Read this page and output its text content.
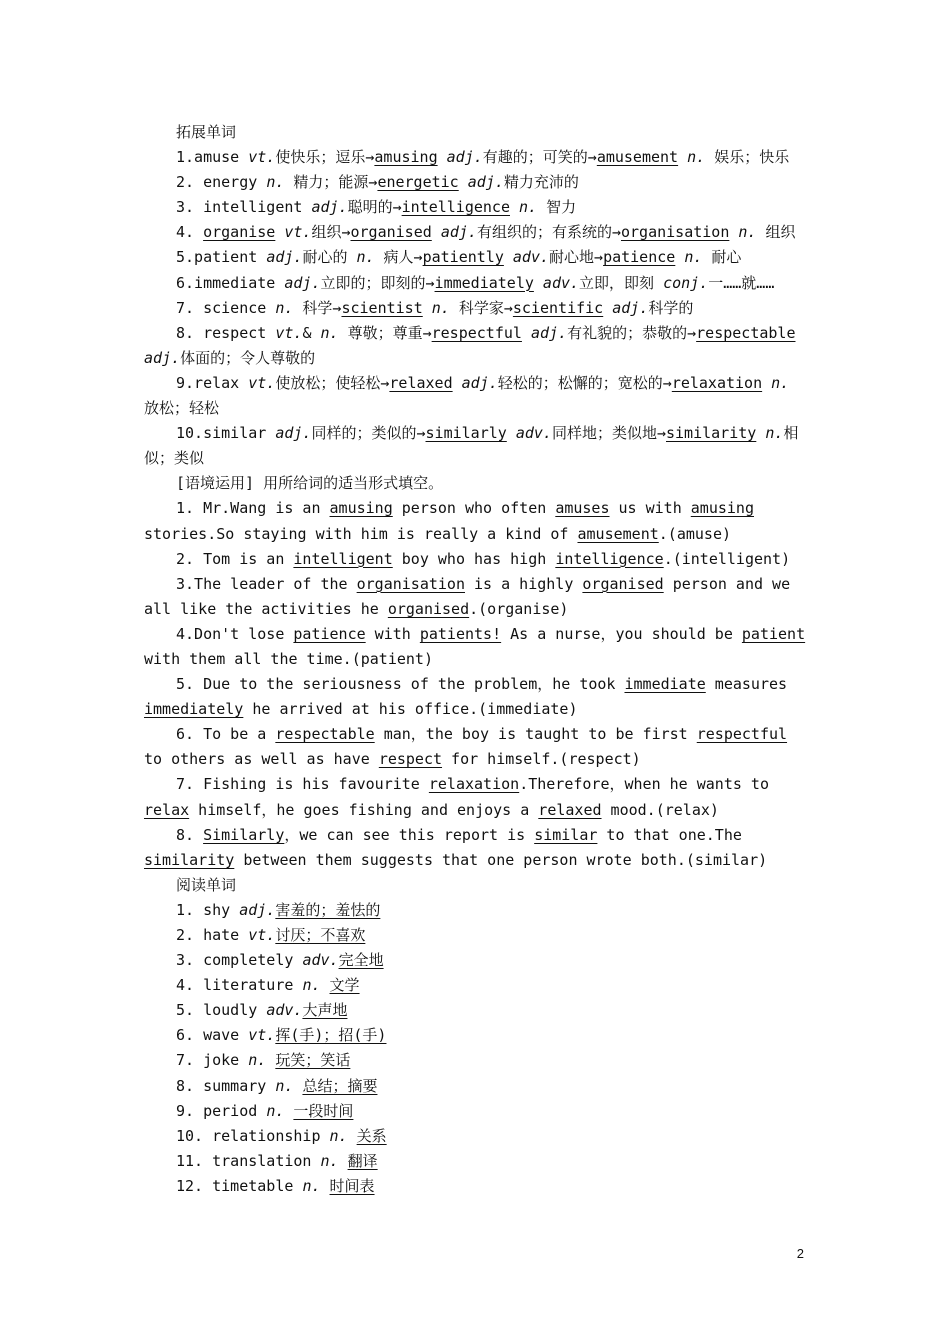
拓展单词

1.amuse vt.使快乐；逗乐→amusing adj.有趣的；可笑的→amusement n. 娱乐；快乐

2. energy n. 精力；能源→energetic adj.精力充沛的

3. intelligent adj.聪明的→intelligence n. 智力

4. organise vt.组织→organised adj.有组织的；有系统的→organisation n. 组织

5.patient adj.耐心的 n. 病人→patiently adv.耐心地→patience n. 耐心

6.immediate adj.立即的；即刻的→immediately adv.立即，即刻 conj.一……就……

7. science n. 科学→scientist n. 科学家→scientific adj.科学的

8. respect vt.& n. 尊敬；尊重→respectful adj.有礼貌的；恭敬的→respectable adj.体面的；令人尊敬的

9.relax vt.使放松；使轻松→relaxed adj.轻松的；松懈的；宽松的→relaxation n. 放松；轻松

10.similar adj.同样的；类似的→similarly adv.同样地；类似地→similarity n.相似；类似

[语境运用] 用所给词的适当形式填空。

1. Mr.Wang is an amusing person who often amuses us with amusing stories.So staying with him is really a kind of amusement.(amuse)

2. Tom is an intelligent boy who has high intelligence.(intelligent)

3.The leader of the organisation is a highly organised person and we all like the activities he organised.(organise)

4.Don't lose patience with patients! As a nurse，you should be patient with them all the time.(patient)

5. Due to the seriousness of the problem，he took immediate measures immediately he arrived at his office.(immediate)

6. To be a respectable man，the boy is taught to be first respectful to others as well as have respect for himself.(respect)

7. Fishing is his favourite relaxation.Therefore，when he wants to relax himself，he goes fishing and enjoys a relaxed mood.(relax)

8. Similarly，we can see this report is similar to that one.The similarity between them suggests that one person wrote both.(similar)

阅读单词

1. shy adj.害羞的；羞怯的

2. hate vt.讨厌；不喜欢

3. completely adv.完全地

4. literature n. 文学

5. loudly adv.大声地

6. wave vt.挥(手)；招(手)

7. joke n. 玩笑；笑话

8. summary n. 总结；摘要

9. period n. 一段时间

10. relationship n. 关系

11. translation n. 翻译

12. timetable n. 时间表

2
